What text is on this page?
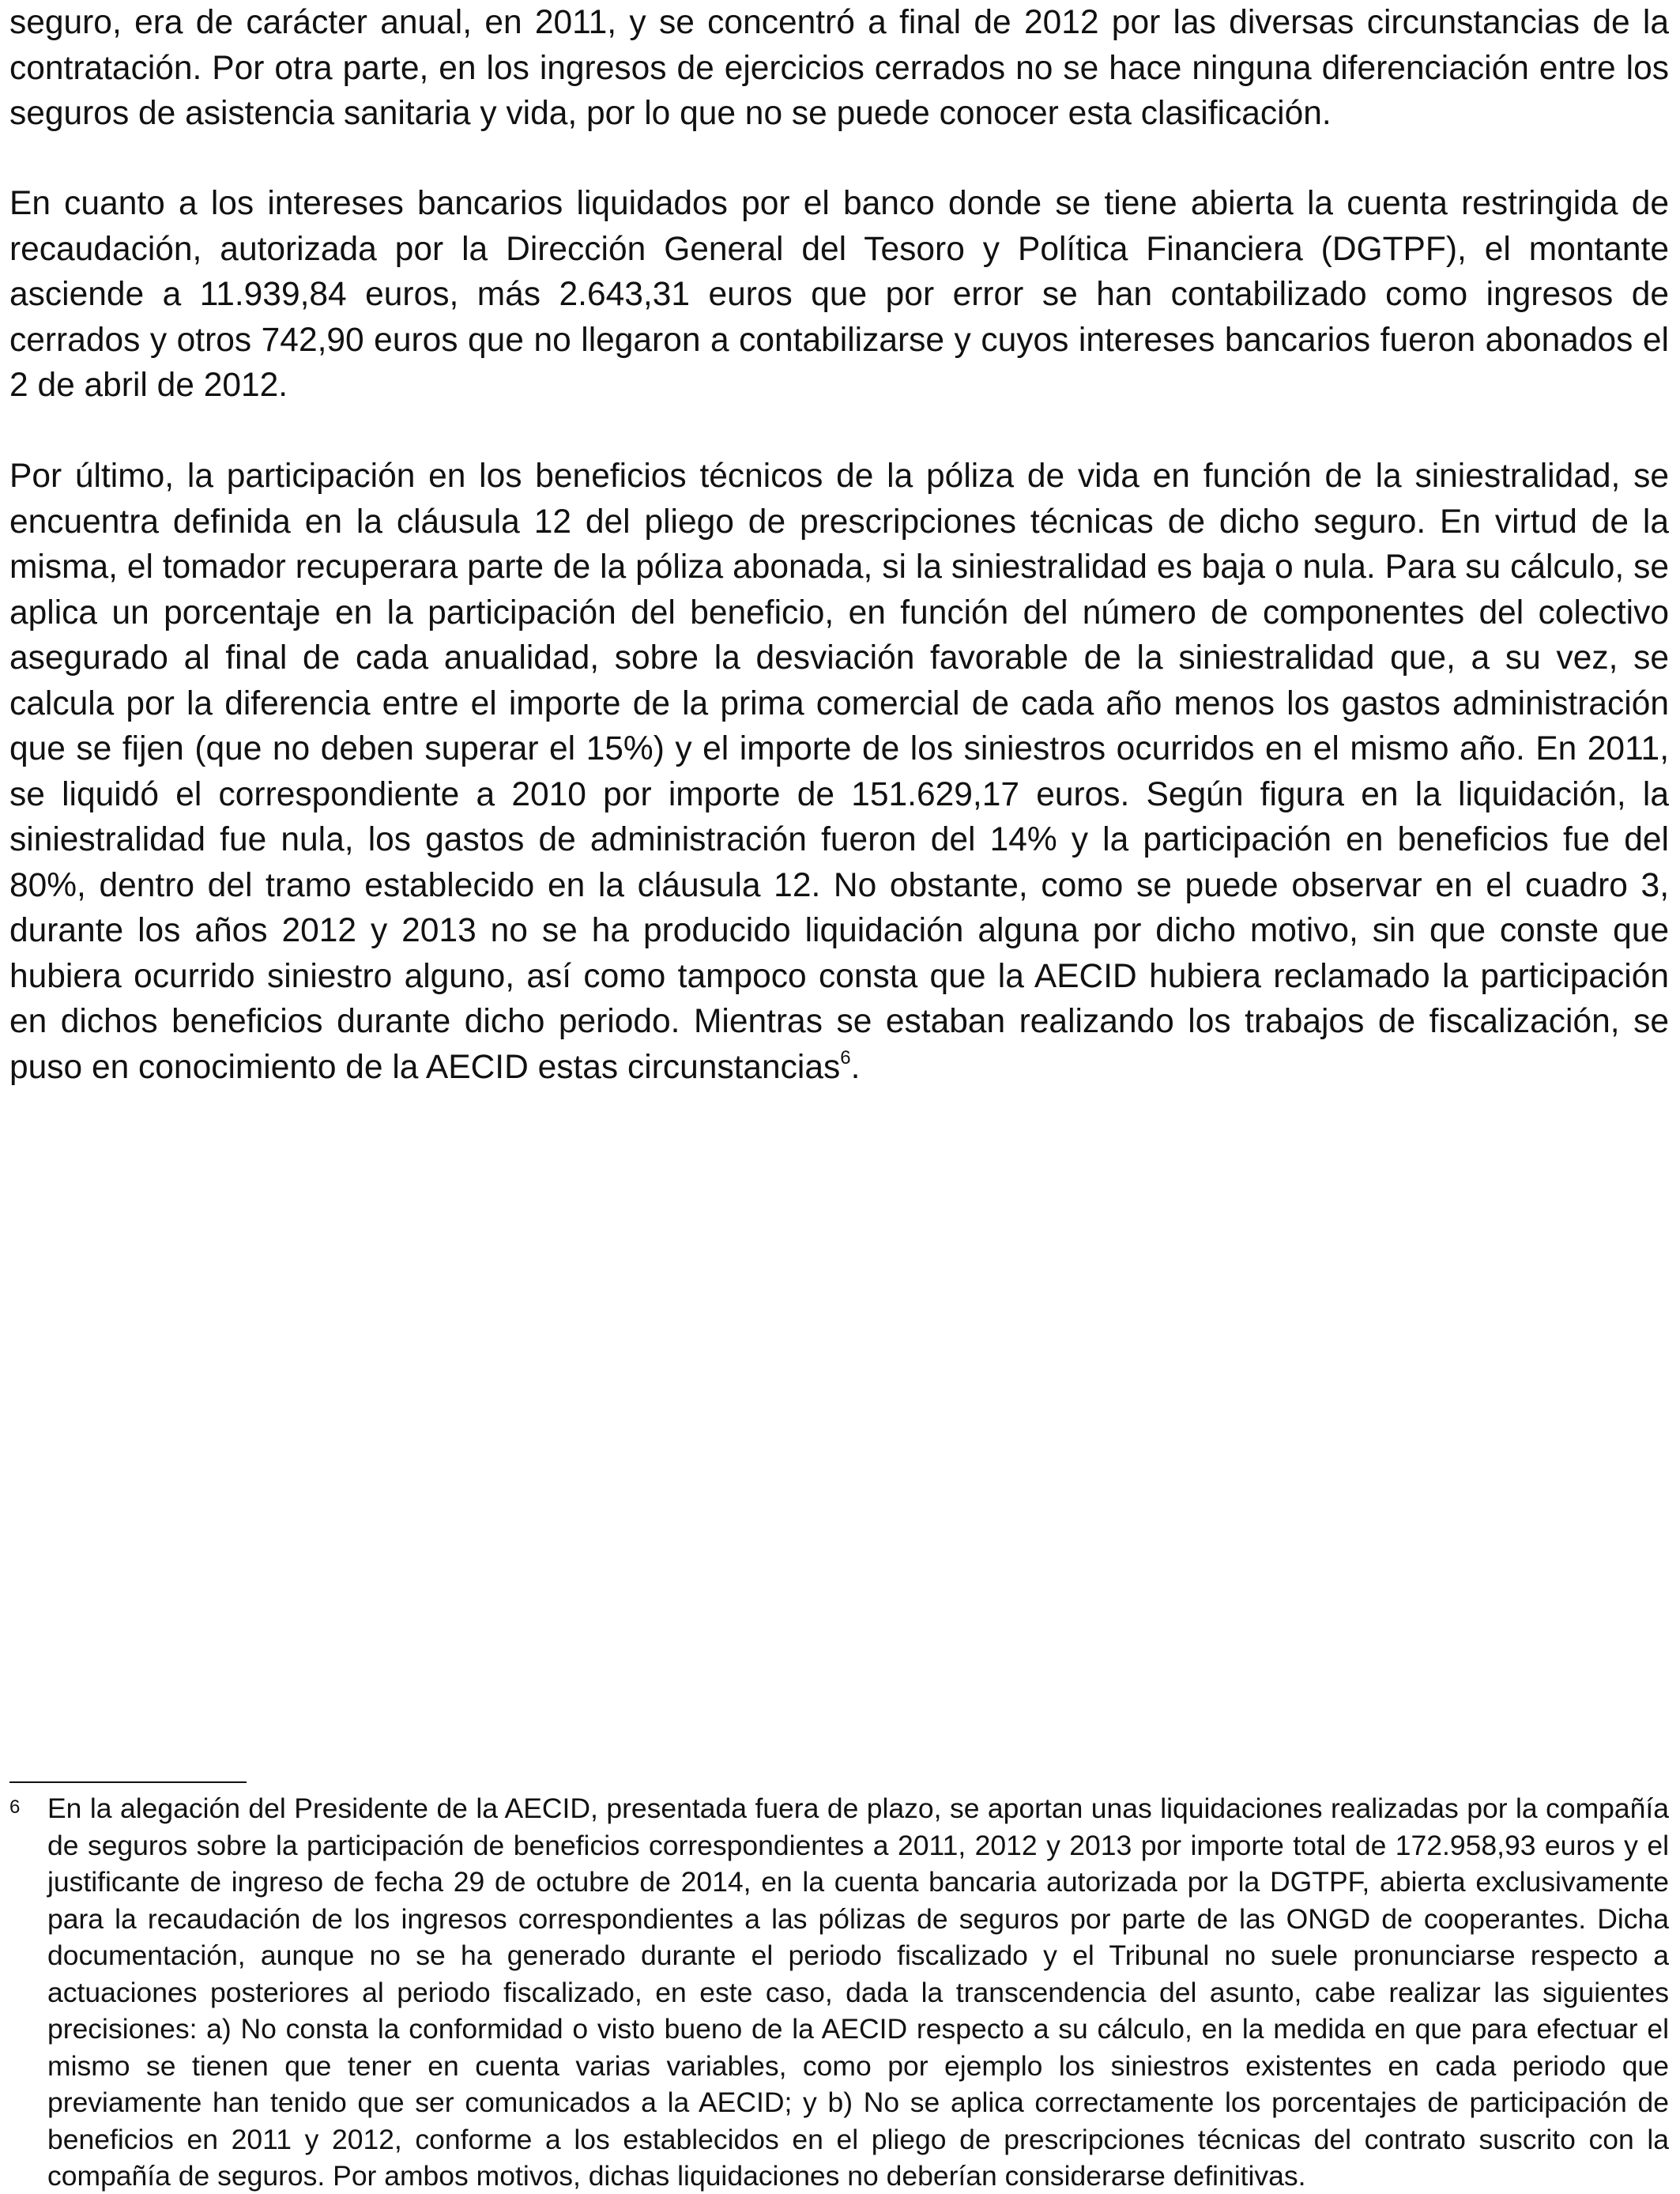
seguro, era de carácter anual, en 2011, y se concentró a final de 2012 por las diversas circunstancias de la contratación. Por otra parte, en los ingresos de ejercicios cerrados no se hace ninguna diferenciación entre los seguros de asistencia sanitaria y vida, por lo que no se puede conocer esta clasificación.

En cuanto a los intereses bancarios liquidados por el banco donde se tiene abierta la cuenta restringida de recaudación, autorizada por la Dirección General del Tesoro y Política Financiera (DGTPF), el montante asciende a 11.939,84 euros, más 2.643,31 euros que por error se han contabilizado como ingresos de cerrados y otros 742,90 euros que no llegaron a contabilizarse y cuyos intereses bancarios fueron abonados el 2 de abril de 2012.

Por último, la participación en los beneficios técnicos de la póliza de vida en función de la siniestralidad, se encuentra definida en la cláusula 12 del pliego de prescripciones técnicas de dicho seguro. En virtud de la misma, el tomador recuperara parte de la póliza abonada, si la siniestralidad es baja o nula. Para su cálculo, se aplica un porcentaje en la participación del beneficio, en función del número de componentes del colectivo asegurado al final de cada anualidad, sobre la desviación favorable de la siniestralidad que, a su vez, se calcula por la diferencia entre el importe de la prima comercial de cada año menos los gastos administración que se fijen (que no deben superar el 15%) y el importe de los siniestros ocurridos en el mismo año. En 2011, se liquidó el correspondiente a 2010 por importe de 151.629,17 euros. Según figura en la liquidación, la siniestralidad fue nula, los gastos de administración fueron del 14% y la participación en beneficios fue del 80%, dentro del tramo establecido en la cláusula 12. No obstante, como se puede observar en el cuadro 3, durante los años 2012 y 2013 no se ha producido liquidación alguna por dicho motivo, sin que conste que hubiera ocurrido siniestro alguno, así como tampoco consta que la AECID hubiera reclamado la participación en dichos beneficios durante dicho periodo. Mientras se estaban realizando los trabajos de fiscalización, se puso en conocimiento de la AECID estas circunstancias$^6$.

6 En la alegación del Presidente de la AECID, presentada fuera de plazo, se aportan unas liquidaciones realizadas por la compañía de seguros sobre la participación de beneficios correspondientes a 2011, 2012 y 2013 por importe total de 172.958,93 euros y el justificante de ingreso de fecha 29 de octubre de 2014, en la cuenta bancaria autorizada por la DGTPF, abierta exclusivamente para la recaudación de los ingresos correspondientes a las pólizas de seguros por parte de las ONGD de cooperantes. Dicha documentación, aunque no se ha generado durante el periodo fiscalizado y el Tribunal no suele pronunciarse respecto a actuaciones posteriores al periodo fiscalizado, en este caso, dada la transcendencia del asunto, cabe realizar las siguientes precisiones: a) No consta la conformidad o visto bueno de la AECID respecto a su cálculo, en la medida en que para efectuar el mismo se tienen que tener en cuenta varias variables, como por ejemplo los siniestros existentes en cada periodo que previamente han tenido que ser comunicados a la AECID; y b) No se aplica correctamente los porcentajes de participación de beneficios en 2011 y 2012, conforme a los establecidos en el pliego de prescripciones técnicas del contrato suscrito con la compañía de seguros. Por ambos motivos, dichas liquidaciones no deberían considerarse definitivas.
